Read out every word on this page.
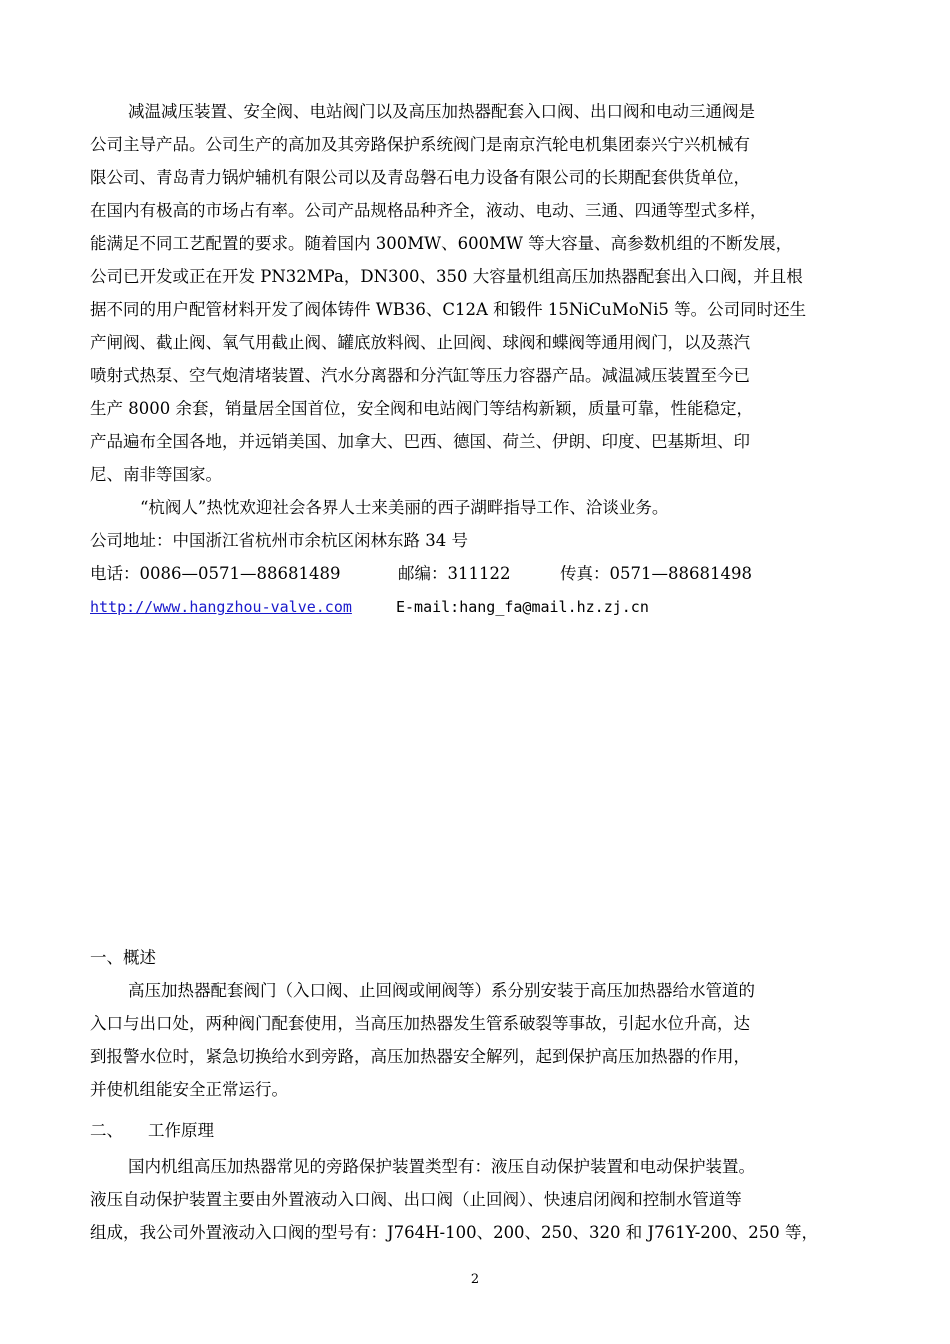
减温减压装置、安全阀、电站阀门以及高压加热器配套入口阀、出口阀和电动三通阀是
公司主导产品。公司生产的高加及其旁路保护系统阀门是南京汽轮电机集团泰兴宁兴机械有
限公司、青岛青力锅炉辅机有限公司以及青岛磐石电力设备有限公司的长期配套供货单位，
在国内有极高的市场占有率。公司产品规格品种齐全，液动、电动、三通、四通等型式多样，
能满足不同工艺配置的要求。随着国内 300MW、600MW 等大容量、高参数机组的不断发展，
公司已开发或正在开发 PN32MPa，DN300、350 大容量机组高压加热器配套出入口阀，并且根
据不同的用户配管材料开发了阀体铸件 WB36、C12A 和锻件 15NiCuMoNi5 等。公司同时还生
产闸阀、截止阀、氧气用截止阀、罐底放料阀、止回阀、球阀和蝶阀等通用阀门，以及蒸汽
喷射式热泵、空气炮清堵装置、汽水分离器和分汽缸等压力容器产品。减温减压装置至今已
生产 8000 余套，销量居全国首位，安全阀和电站阀门等结构新颖，质量可靠，性能稳定，
产品遍布全国各地，并远销美国、加拿大、巴西、德国、荷兰、伊朗、印度、巴基斯坦、印
尼、南非等国家。
“杭阀人”热忱欢迎社会各界人士来美丽的西子湖畔指导工作、洽谈业务。
公司地址：中国浙江省杭州市余杭区闲林东路 34 号
电话：0086—0571—88681489	邮编：311122	传真：0571—88681498
http://www.hangzhou-valve.com	E-mail:hang_fa@mail.hz.zj.cn
一、概述
高压加热器配套阀门（入口阀、止回阀或闸阀等）系分别安装于高压加热器给水管道的
入口与出口处，两种阀门配套使用，当高压加热器发生管系破裂等事故，引起水位升高，达
到报警水位时，紧急切换给水到旁路，高压加热器安全解列，起到保护高压加热器的作用，
并使机组能安全正常运行。
二、 工作原理
国内机组高压加热器常见的旁路保护装置类型有：液压自动保护装置和电动保护装置。
液压自动保护装置主要由外置液动入口阀、出口阀（止回阀）、快速启闭阀和控制水管道等
组成，我公司外置液动入口阀的型号有：J764H-100、200、250、320 和 J761Y-200、250 等，
2
